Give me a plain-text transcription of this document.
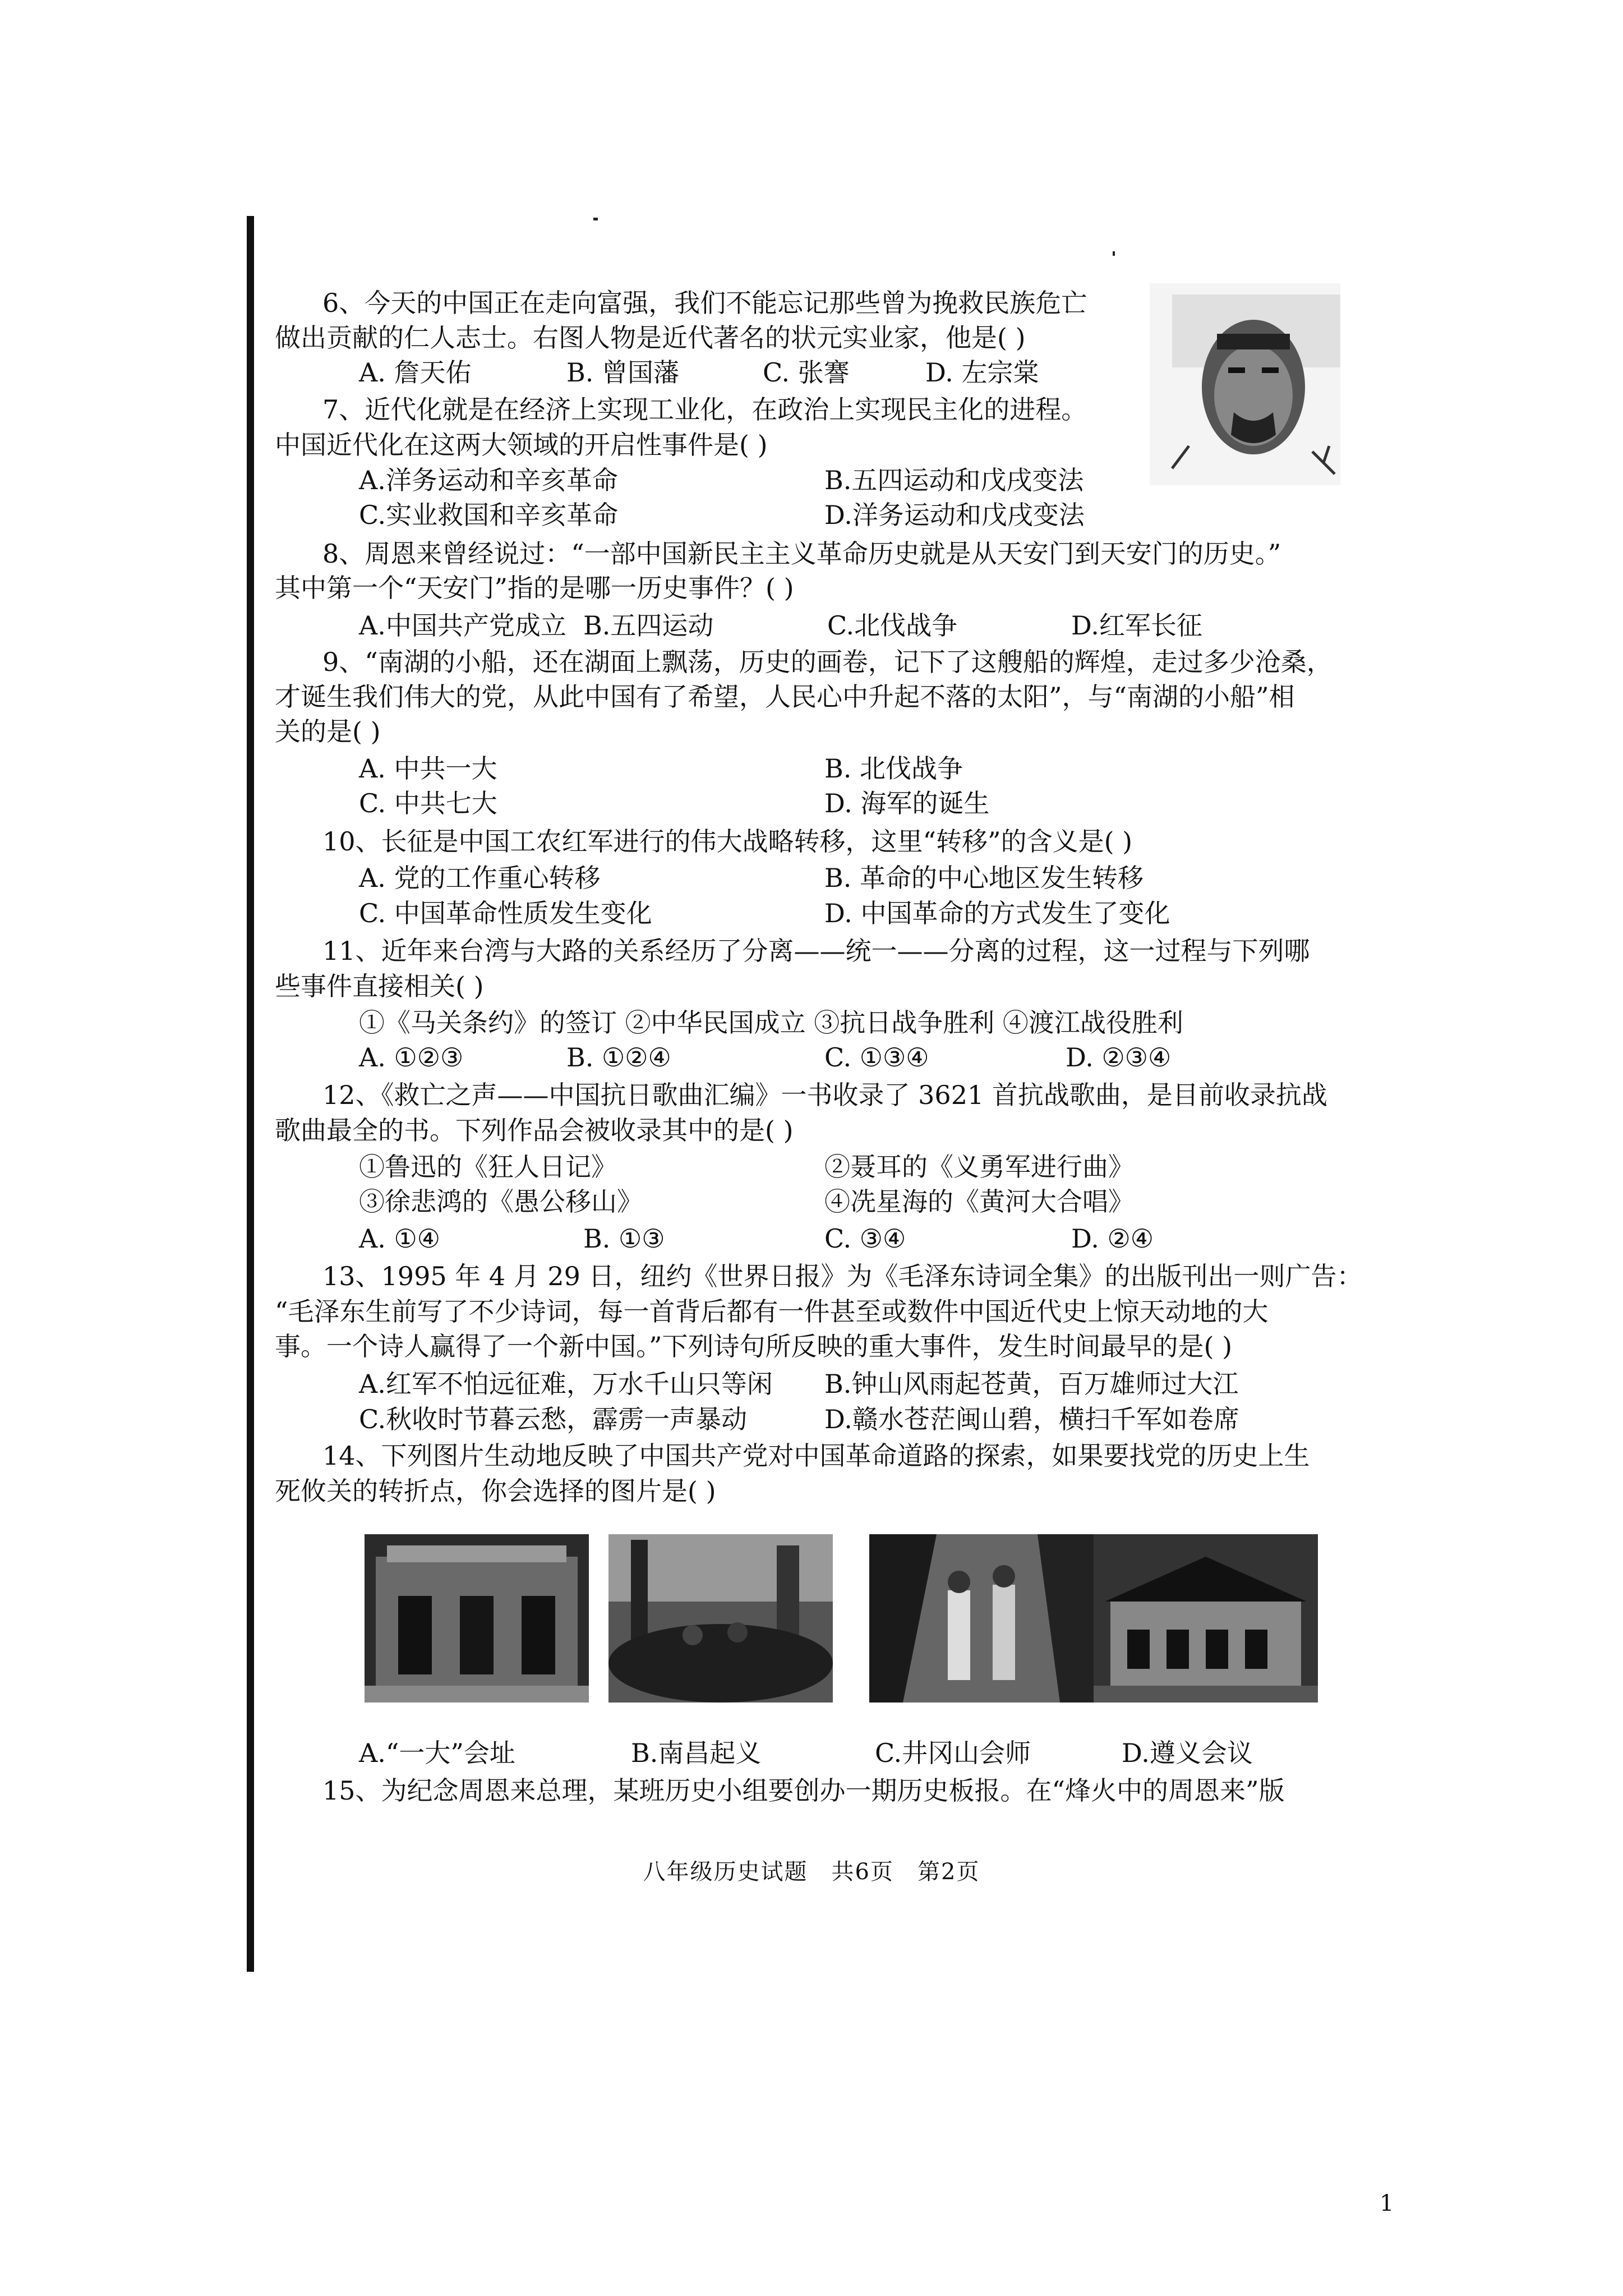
6、今天的中国正在走向富强，我们不能忘记那些曾为挽救民族危亡
做出贡献的仁人志士。右图人物是近代著名的状元实业家，他是( )
A. 詹天佑	B. 曾国藩	C. 张謇	D. 左宗棠
7、近代化就是在经济上实现工业化，在政治上实现民主化的进程。
中国近代化在这两大领域的开启性事件是( )
A.洋务运动和辛亥革命	B.五四运动和戊戌变法
C.实业救国和辛亥革命	D.洋务运动和戊戌变法
8、周恩来曾经说过：“一部中国新民主主义革命历史就是从天安门到天安门的历史。”
其中第一个“天安门”指的是哪一历史事件？( )
A.中国共产党成立 B.五四运动	C.北伐战争	D.红军长征
9、“南湖的小船，还在湖面上飘荡，历史的画卷，记下了这艘船的辉煌，走过多少沧桑，
才诞生我们伟大的党，从此中国有了希望，人民心中升起不落的太阳”，与“南湖的小船”相
关的是( )
A. 中共一大	B. 北伐战争
C. 中共七大	D. 海军的诞生
10、长征是中国工农红军进行的伟大战略转移，这里“转移”的含义是( )
A. 党的工作重心转移	B. 革命的中心地区发生转移
C. 中国革命性质发生变化	D. 中国革命的方式发生了变化
11、近年来台湾与大路的关系经历了分离——统一——分离的过程，这一过程与下列哪
些事件直接相关( )
①《马关条约》的签订 ②中华民国成立 ③抗日战争胜利 ④渡江战役胜利
A. ①②③	B. ①②④	C. ①③④	D. ②③④
12、《救亡之声——中国抗日歌曲汇编》一书收录了 3621 首抗战歌曲，是目前收录抗战
歌曲最全的书。下列作品会被收录其中的是( )
①鲁迅的《狂人日记》	②聂耳的《义勇军进行曲》
③徐悲鸿的《愚公移山》	④冼星海的《黄河大合唱》
A. ①④	B. ①③	C. ③④	D. ②④
13、1995 年 4 月 29 日，纽约《世界日报》为《毛泽东诗词全集》的出版刊出一则广告：
“毛泽东生前写了不少诗词，每一首背后都有一件甚至或数件中国近代史上惊天动地的大
事。一个诗人赢得了一个新中国。”下列诗句所反映的重大事件，发生时间最早的是( )
A.红军不怕远征难，万水千山只等闲 B.钟山风雨起苍黄，百万雄师过大江
C.秋收时节暮云愁，霹雳一声暴动	D.赣水苍茫闽山碧，横扫千军如卷席
14、下列图片生动地反映了中国共产党对中国革命道路的探索，如果要找党的历史上生
死攸关的转折点，你会选择的图片是( )
A.“一大”会址	B.南昌起义	C.井冈山会师	D.遵义会议
15、为纪念周恩来总理，某班历史小组要创办一期历史板报。在“烽火中的周恩来”版
八年级历史试题　共6页　第2页
1
